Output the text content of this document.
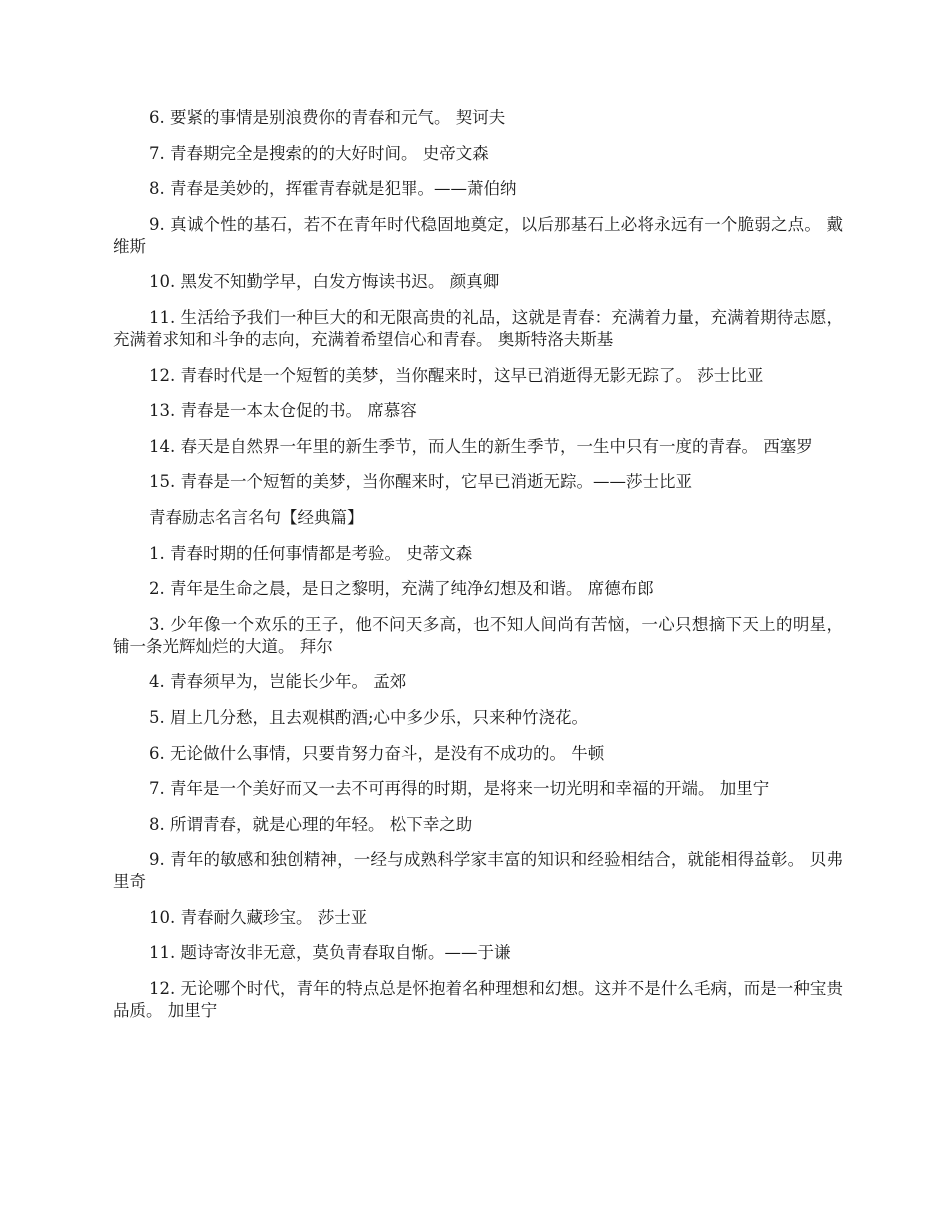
6. 要紧的事情是别浪费你的青春和元气。 契诃夫

7. 青春期完全是搜索的的大好时间。 史帝文森

8. 青春是美妙的，挥霍青春就是犯罪。——萧伯纳

9. 真诚个性的基石，若不在青年时代稳固地奠定，以后那基石上必将永远有一个脆弱之点。 戴维斯

10. 黑发不知勤学早，白发方悔读书迟。 颜真卿

11. 生活给予我们一种巨大的和无限高贵的礼品，这就是青春：充满着力量，充满着期待志愿，充满着求知和斗争的志向，充满着希望信心和青春。 奥斯特洛夫斯基

12. 青春时代是一个短暂的美梦，当你醒来时，这早已消逝得无影无踪了。 莎士比亚

13. 青春是一本太仓促的书。 席慕容

14. 春天是自然界一年里的新生季节，而人生的新生季节，一生中只有一度的青春。 西塞罗

15. 青春是一个短暂的美梦，当你醒来时，它早已消逝无踪。——莎士比亚

青春励志名言名句【经典篇】

1. 青春时期的任何事情都是考验。 史蒂文森

2. 青年是生命之晨，是日之黎明，充满了纯净幻想及和谐。 席德布郎

3. 少年像一个欢乐的王子，他不问天多高，也不知人间尚有苦恼，一心只想摘下天上的明星，铺一条光辉灿烂的大道。 拜尔

4. 青春须早为，岂能长少年。 孟郊

5. 眉上几分愁，且去观棋酌酒;心中多少乐，只来种竹浇花。

6. 无论做什么事情，只要肯努力奋斗，是没有不成功的。 牛顿

7. 青年是一个美好而又一去不可再得的时期，是将来一切光明和幸福的开端。 加里宁

8. 所谓青春，就是心理的年轻。 松下幸之助

9. 青年的敏感和独创精神，一经与成熟科学家丰富的知识和经验相结合，就能相得益彰。 贝弗里奇

10. 青春耐久藏珍宝。 莎士亚

11. 题诗寄汝非无意，莫负青春取自惭。——于谦

12. 无论哪个时代，青年的特点总是怀抱着名种理想和幻想。这并不是什么毛病，而是一种宝贵品质。 加里宁
